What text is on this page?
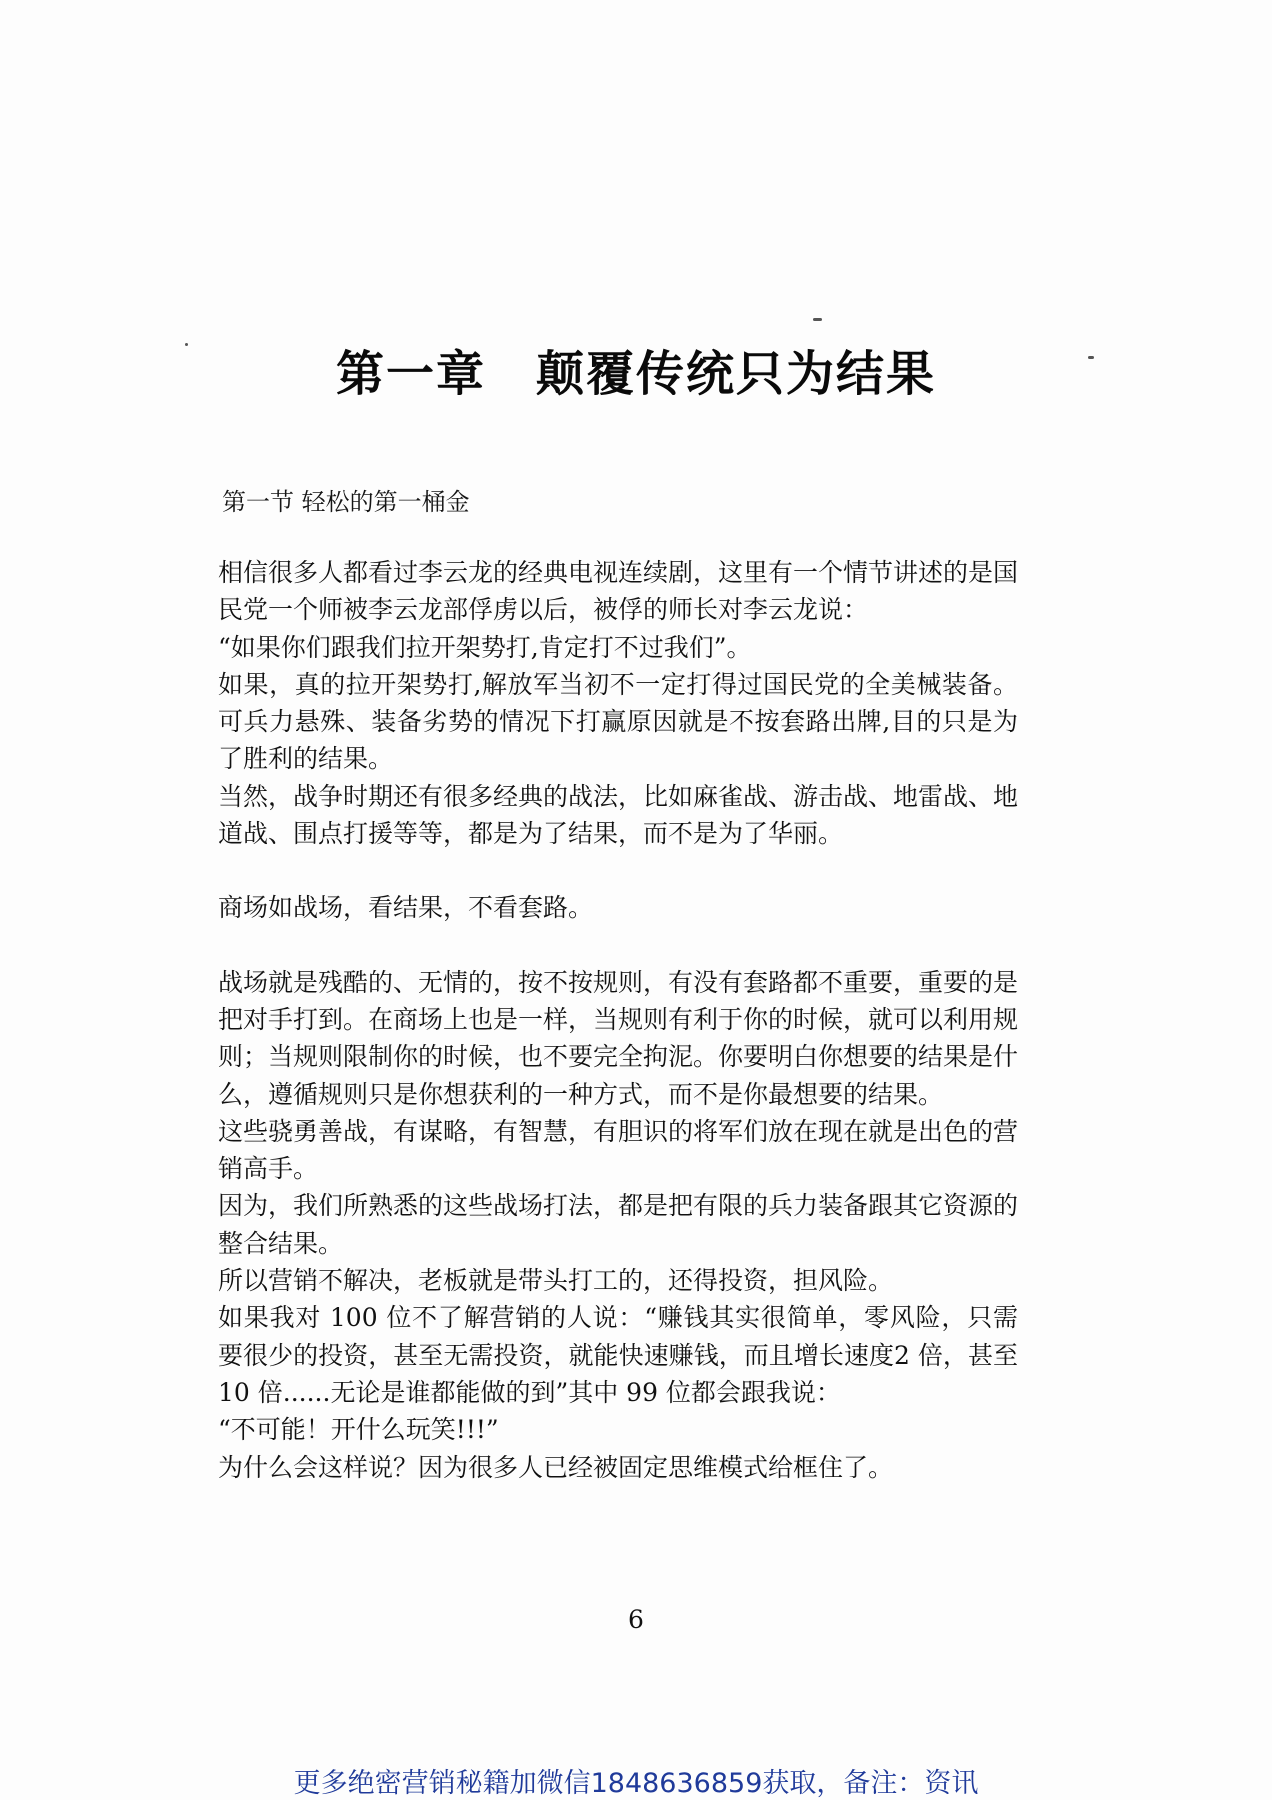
第一章 颠覆传统只为结果
第一节 轻松的第一桶金

相信很多人都看过李云龙的经典电视连续剧，这里有一个情节讲述的是国民党一个师被李云龙部俘虏以后，被俘的师长对李云龙说：

“如果你们跟我们拉开架势打,肯定打不过我们”。

如果，真的拉开架势打,解放军当初不一定打得过国民党的全美械装备。可兵力悬殊、装备劣势的情况下打赢原因就是不按套路出牌,目的只是为了胜利的结果。

当然，战争时期还有很多经典的战法，比如麻雀战、游击战、地雷战、地道战、围点打援等等，都是为了结果，而不是为了华丽。

商场如战场，看结果，不看套路。

战场就是残酷的、无情的，按不按规则，有没有套路都不重要，重要的是把对手打到。在商场上也是一样，当规则有利于你的时候，就可以利用规则；当规则限制你的时候，也不要完全拘泥。你要明白你想要的结果是什么，遵循规则只是你想获利的一种方式，而不是你最想要的结果。

这些骁勇善战，有谋略，有智慧，有胆识的将军们放在现在就是出色的营销高手。

因为，我们所熟悉的这些战场打法，都是把有限的兵力装备跟其它资源的整合结果。

所以营销不解决，老板就是带头打工的，还得投资，担风险。

如果我对 100 位不了解营销的人说：“赚钱其实很简单，零风险，只需要很少的投资，甚至无需投资，就能快速赚钱，而且增长速度2 倍，甚至 10 倍......无论是谁都能做的到”其中 99 位都会跟我说：

“不可能！开什么玩笑!!!”

为什么会这样说？因为很多人已经被固定思维模式给框住了。

6
更多绝密营销秘籍加微信18486368​59获取，备注：资讯
